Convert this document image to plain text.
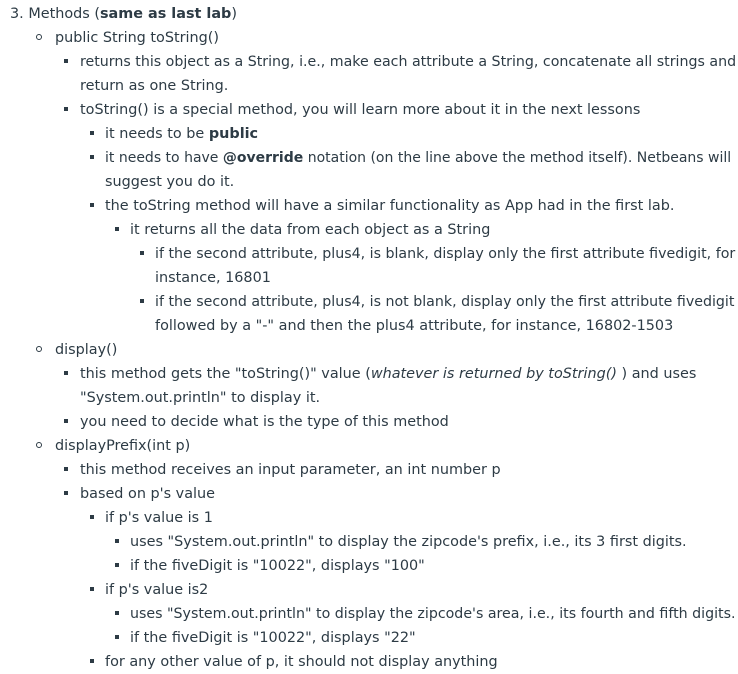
3. Methods (same as last lab)
public String toString()
returns this object as a String, i.e., make each attribute a String, concatenate all strings and
return as one String.
toString() is a special method, you will learn more about it in the next lessons
it needs to be public
it needs to have @override notation (on the line above the method itself). Netbeans will
suggest you do it.
the toString method will have a similar functionality as App had in the first lab.
it returns all the data from each object as a String
if the second attribute, plus4, is blank, display only the first attribute fivedigit, for
instance, 16801
if the second attribute, plus4, is not blank, display only the first attribute fivedigit
followed by a "-" and then the plus4 attribute, for instance, 16802-1503
display()
this method gets the "toString()" value (whatever is returned by toString() ) and uses
"System.out.println" to display it.
you need to decide what is the type of this method
displayPrefix(int p)
this method receives an input parameter, an int number p
based on p's value
if p's value is 1
uses "System.out.println" to display the zipcode's prefix, i.e., its 3 first digits.
if the fiveDigit is "10022", displays "100"
if p's value is2
uses "System.out.println" to display the zipcode's area, i.e., its fourth and fifth digits.
if the fiveDigit is "10022", displays "22"
for any other value of p, it should not display anything
